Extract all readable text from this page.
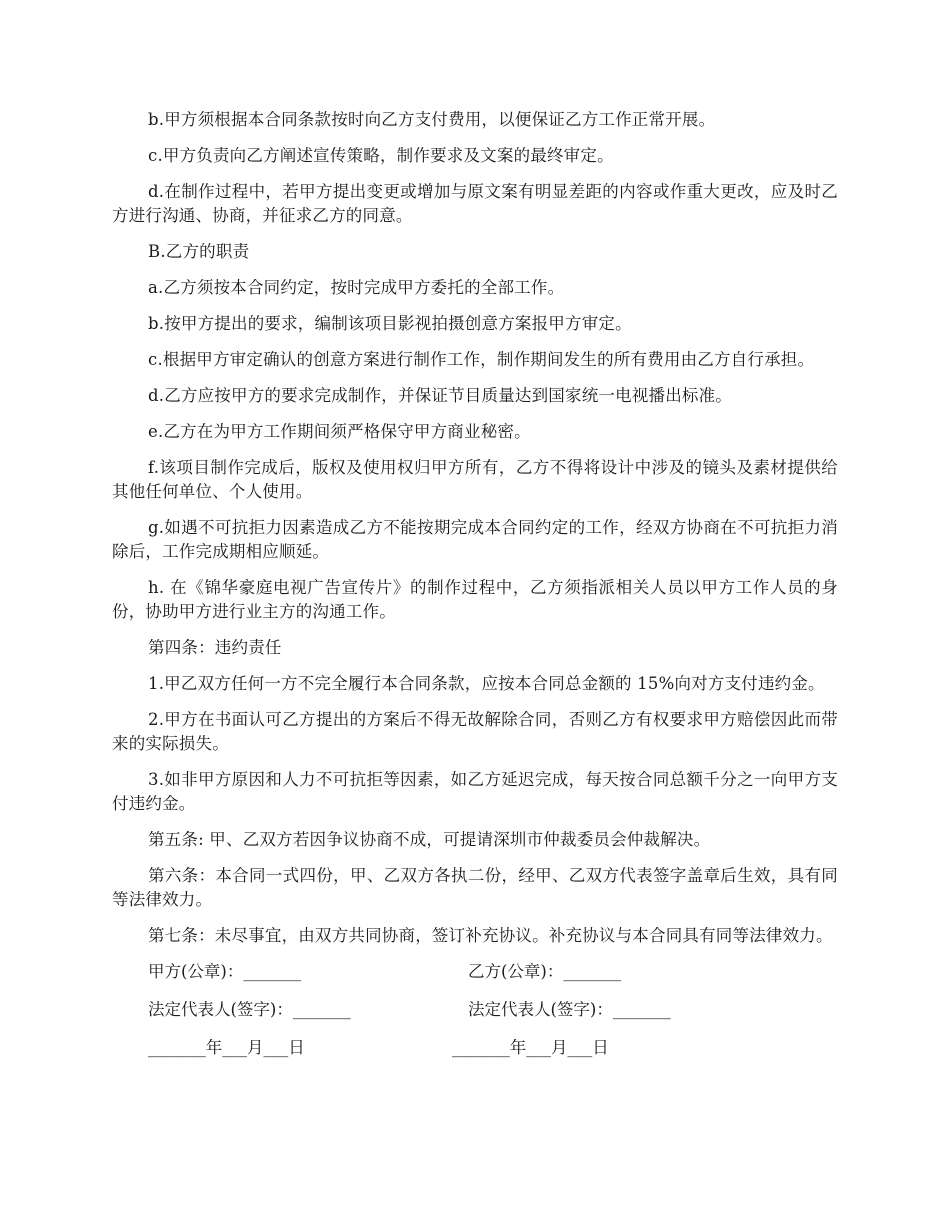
b.甲方须根据本合同条款按时向乙方支付费用，以便保证乙方工作正常开展。

c.甲方负责向乙方阐述宣传策略，制作要求及文案的最终审定。

d.在制作过程中，若甲方提出变更或增加与原文案有明显差距的内容或作重大更改，应及时乙方进行沟通、协商，并征求乙方的同意。

B.乙方的职责

a.乙方须按本合同约定，按时完成甲方委托的全部工作。

b.按甲方提出的要求，编制该项目影视拍摄创意方案报甲方审定。

c.根据甲方审定确认的创意方案进行制作工作，制作期间发生的所有费用由乙方自行承担。

d.乙方应按甲方的要求完成制作，并保证节目质量达到国家统一电视播出标准。

e.乙方在为甲方工作期间须严格保守甲方商业秘密。

f.该项目制作完成后，版权及使用权归甲方所有，乙方不得将设计中涉及的镜头及素材提供给其他任何单位、个人使用。

g.如遇不可抗拒力因素造成乙方不能按期完成本合同约定的工作，经双方协商在不可抗拒力消除后，工作完成期相应顺延。

h. 在《锦华豪庭电视广告宣传片》的制作过程中，乙方须指派相关人员以甲方工作人员的身份，协助甲方进行业主方的沟通工作。

第四条：违约责任

1.甲乙双方任何一方不完全履行本合同条款，应按本合同总金额的 15%向对方支付违约金。

2.甲方在书面认可乙方提出的方案后不得无故解除合同，否则乙方有权要求甲方赔偿因此而带来的实际损失。

3.如非甲方原因和人力不可抗拒等因素，如乙方延迟完成，每天按合同总额千分之一向甲方支付违约金。

第五条: 甲、乙双方若因争议协商不成，可提请深圳市仲裁委员会仲裁解决。

第六条：本合同一式四份，甲、乙双方各执二份，经甲、乙双方代表签字盖章后生效，具有同等法律效力。

第七条：未尽事宜，由双方共同协商，签订补充协议。补充协议与本合同具有同等法律效力。

甲方(公章)：_______	乙方(公章)：_______
法定代表人(签字)：_______	法定代表人(签字)：_______
_______年___月___日	_______年___月___日
